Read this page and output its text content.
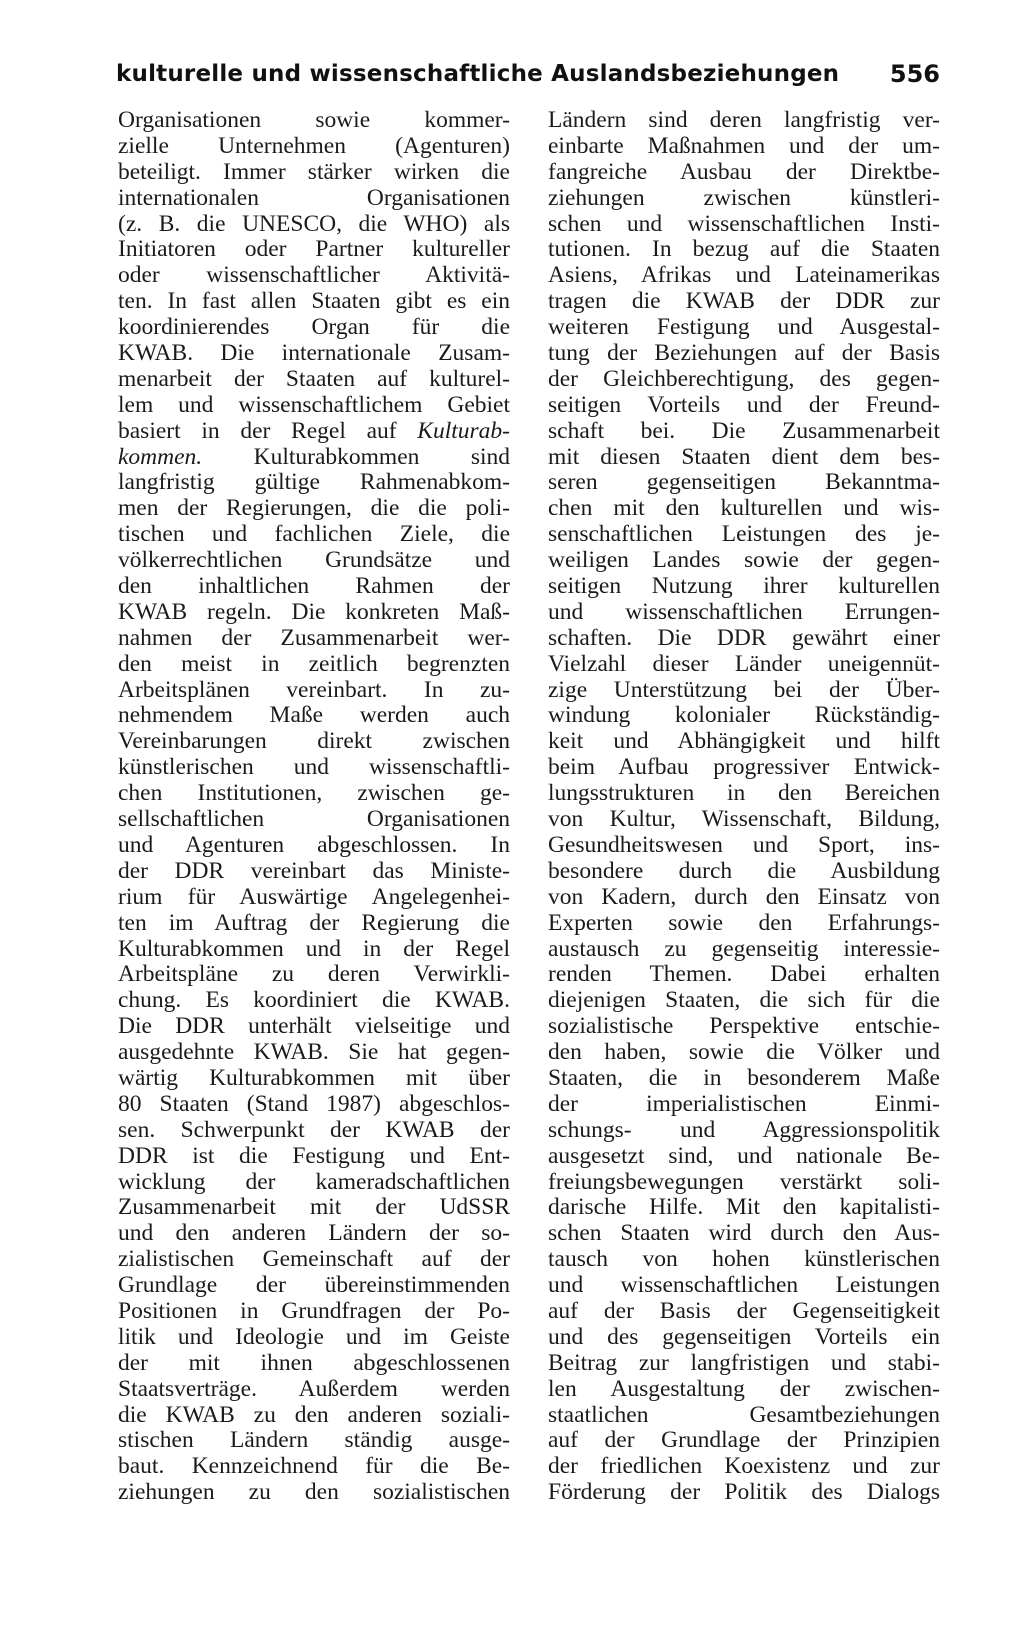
kulturelle und wissenschaftliche Auslandsbeziehungen 556
Organisationen sowie kommer-
zielle Unternehmen (Agenturen)
beteiligt. Immer stärker wirken die
internationalen Organisationen
(z. B. die UNESCO, die WHO) als
Initiatoren oder Partner kultureller
oder wissenschaftlicher Aktivitä-
ten. In fast allen Staaten gibt es ein
koordinierendes Organ für die
KWAB. Die internationale Zusam-
menarbeit der Staaten auf kulturel-
lem und wissenschaftlichem Gebiet
basiert in der Regel auf Kulturab-
kommen. Kulturabkommen sind
langfristig gültige Rahmenabkom-
men der Regierungen, die die poli-
tischen und fachlichen Ziele, die
völkerrechtlichen Grundsätze und
den inhaltlichen Rahmen der
KWAB regeln. Die konkreten Maß-
nahmen der Zusammenarbeit wer-
den meist in zeitlich begrenzten
Arbeitsplänen vereinbart. In zu-
nehmendem Maße werden auch
Vereinbarungen direkt zwischen
künstlerischen und wissenschaftli-
chen Institutionen, zwischen ge-
sellschaftlichen Organisationen
und Agenturen abgeschlossen. In
der DDR vereinbart das Ministe-
rium für Auswärtige Angelegenhei-
ten im Auftrag der Regierung die
Kulturabkommen und in der Regel
Arbeitspläne zu deren Verwirkli-
chung. Es koordiniert die KWAB.
Die DDR unterhält vielseitige und
ausgedehnte KWAB. Sie hat gegen-
wärtig Kulturabkommen mit über
80 Staaten (Stand 1987) abgeschlos-
sen. Schwerpunkt der KWAB der
DDR ist die Festigung und Ent-
wicklung der kameradschaftlichen
Zusammenarbeit mit der UdSSR
und den anderen Ländern der so-
zialistischen Gemeinschaft auf der
Grundlage der übereinstimmenden
Positionen in Grundfragen der Po-
litik und Ideologie und im Geiste
der mit ihnen abgeschlossenen
Staatsverträge. Außerdem werden
die KWAB zu den anderen soziali-
stischen Ländern ständig ausge-
baut. Kennzeichnend für die Be-
ziehungen zu den sozialistischen
Ländern sind deren langfristig ver-
einbarte Maßnahmen und der um-
fangreiche Ausbau der Direktbe-
ziehungen zwischen künstleri-
schen und wissenschaftlichen Insti-
tutionen. In bezug auf die Staaten
Asiens, Afrikas und Lateinamerikas
tragen die KWAB der DDR zur
weiteren Festigung und Ausgestal-
tung der Beziehungen auf der Basis
der Gleichberechtigung, des gegen-
seitigen Vorteils und der Freund-
schaft bei. Die Zusammenarbeit
mit diesen Staaten dient dem bes-
seren gegenseitigen Bekanntma-
chen mit den kulturellen und wis-
senschaftlichen Leistungen des je-
weiligen Landes sowie der gegen-
seitigen Nutzung ihrer kulturellen
und wissenschaftlichen Errungen-
schaften. Die DDR gewährt einer
Vielzahl dieser Länder uneigennüt-
zige Unterstützung bei der Über-
windung kolonialer Rückständig-
keit und Abhängigkeit und hilft
beim Aufbau progressiver Entwick-
lungsstrukturen in den Bereichen
von Kultur, Wissenschaft, Bildung,
Gesundheitswesen und Sport, ins-
besondere durch die Ausbildung
von Kadern, durch den Einsatz von
Experten sowie den Erfahrungs-
austausch zu gegenseitig interessie-
renden Themen. Dabei erhalten
diejenigen Staaten, die sich für die
sozialistische Perspektive entschie-
den haben, sowie die Völker und
Staaten, die in besonderem Maße
der imperialistischen Einmi-
schungs- und Aggressionspolitik
ausgesetzt sind, und nationale Be-
freiungsbewegungen verstärkt soli-
darische Hilfe. Mit den kapitalisti-
schen Staaten wird durch den Aus-
tausch von hohen künstlerischen
und wissenschaftlichen Leistungen
auf der Basis der Gegenseitigkeit
und des gegenseitigen Vorteils ein
Beitrag zur langfristigen und stabi-
len Ausgestaltung der zwischen-
staatlichen Gesamtbeziehungen
auf der Grundlage der Prinzipien
der friedlichen Koexistenz und zur
Förderung der Politik des Dialogs
